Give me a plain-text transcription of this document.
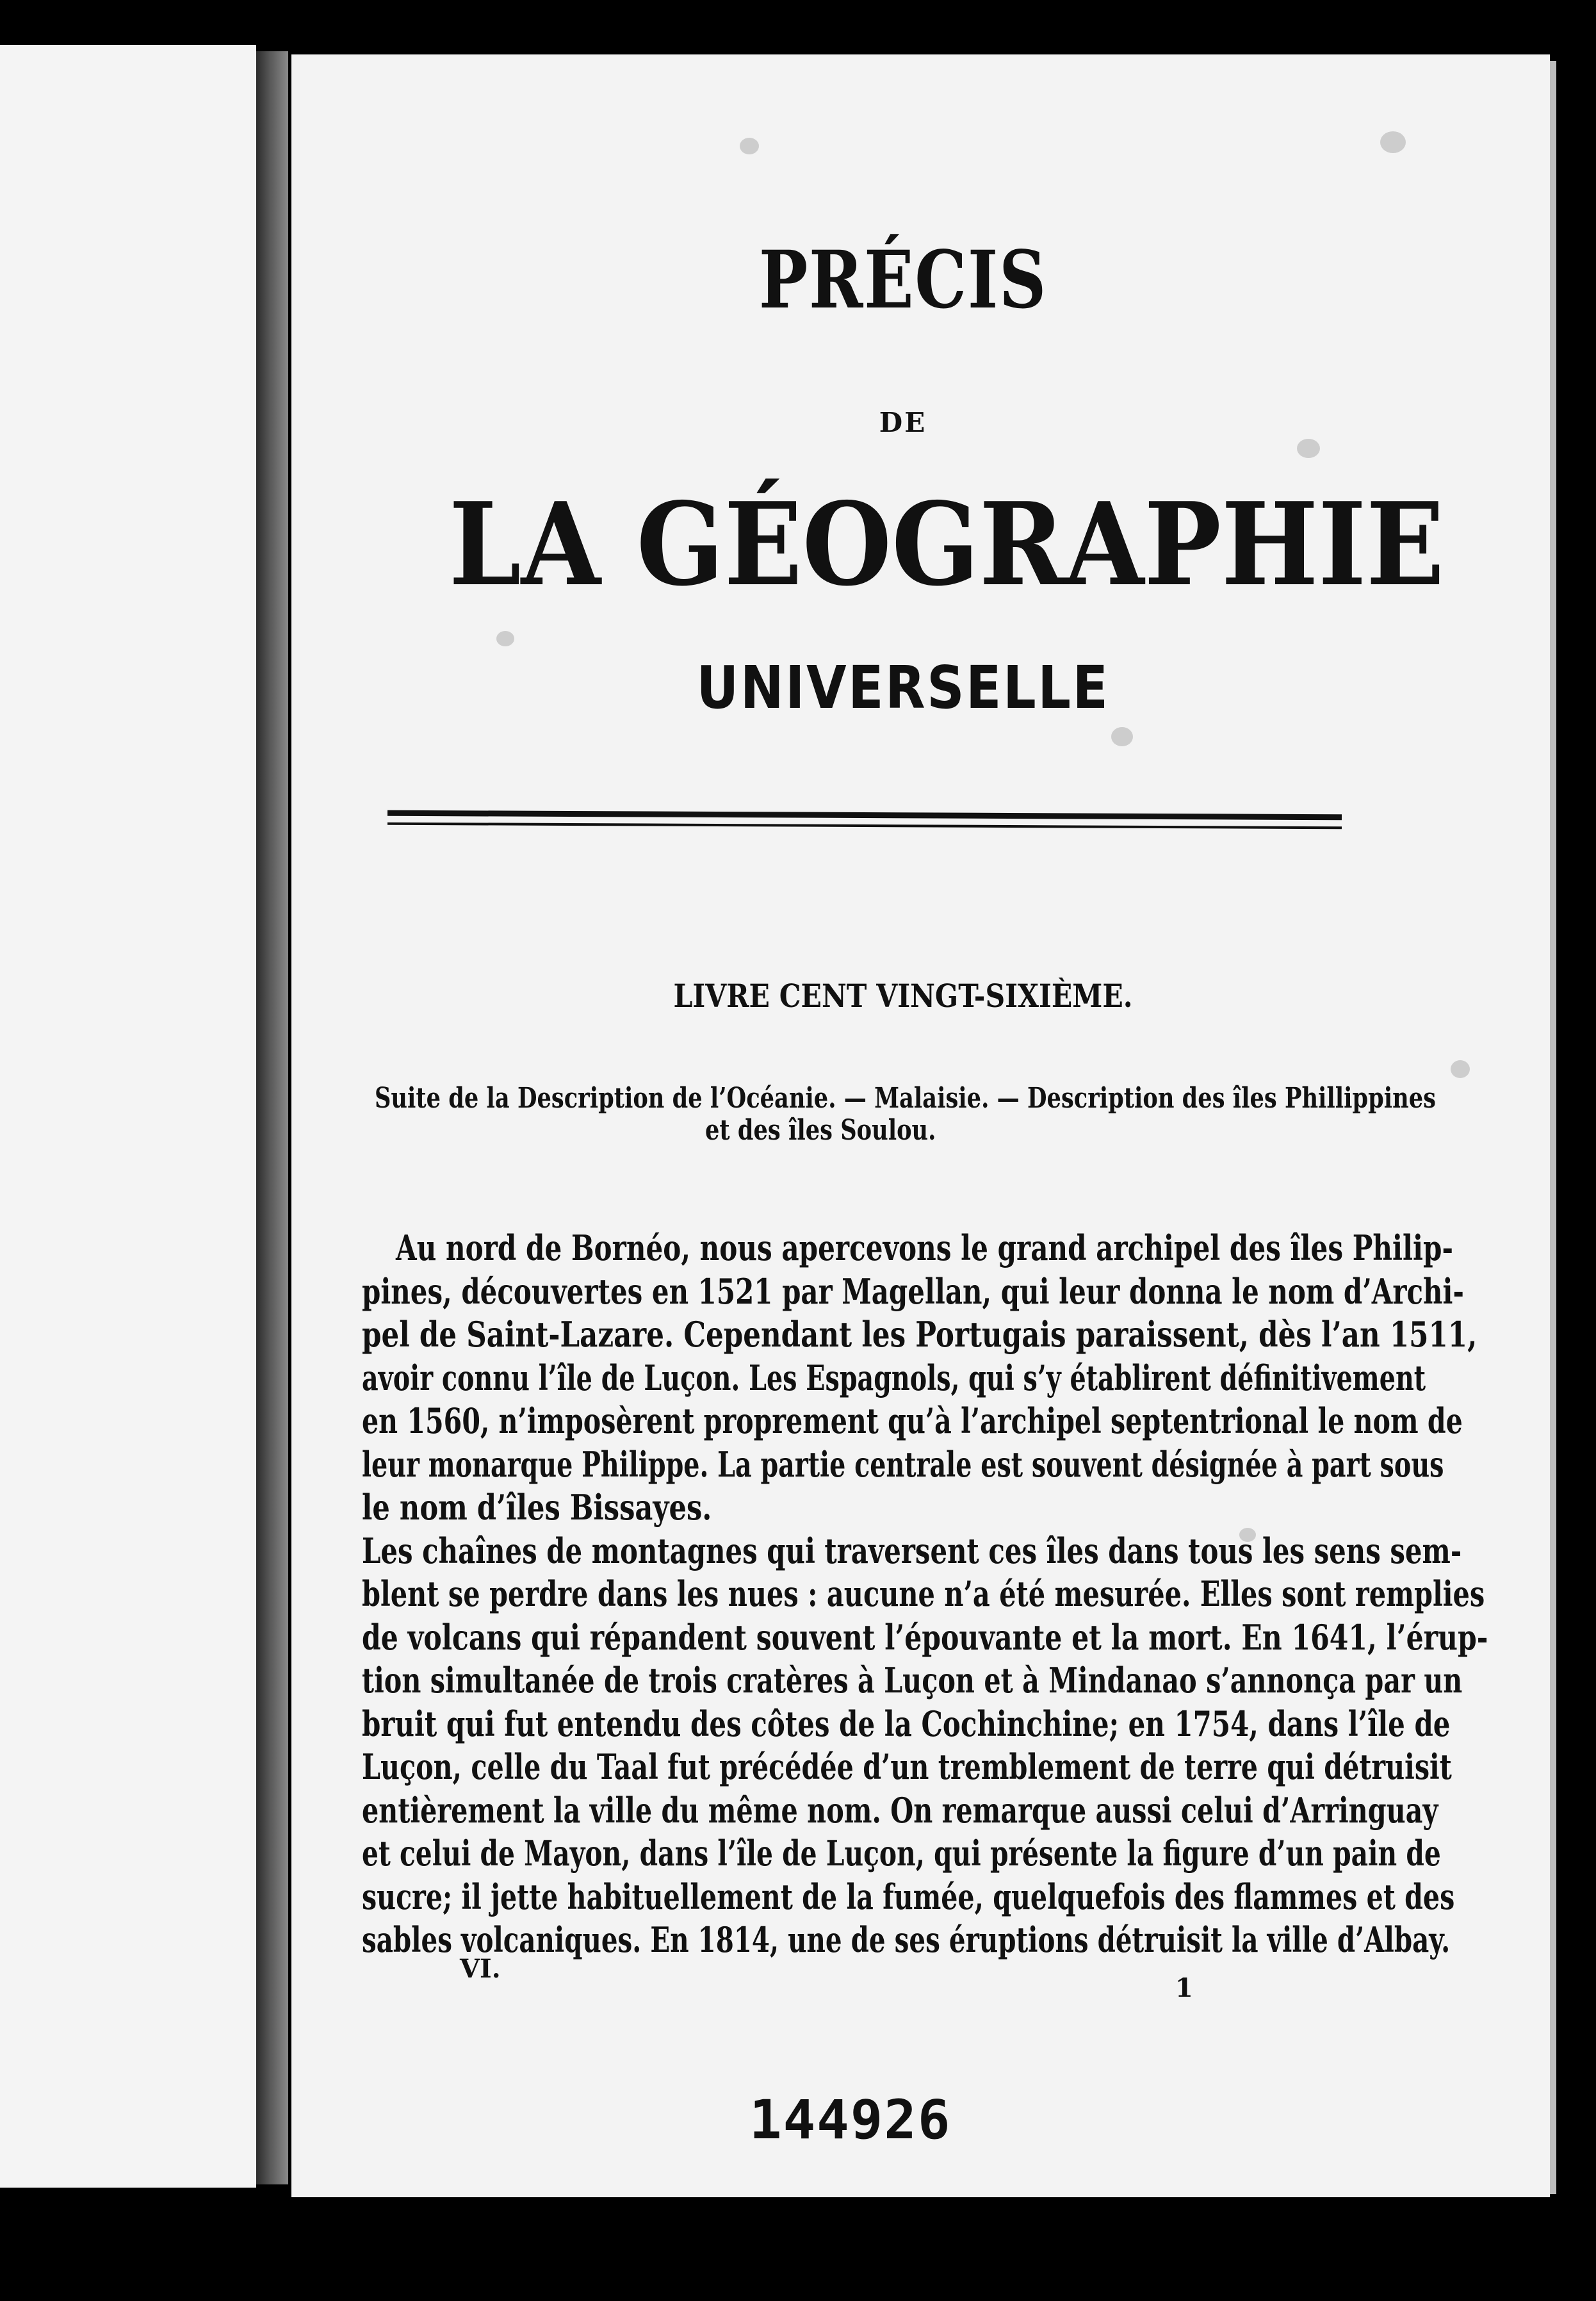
PRÉCIS
DE
LA GÉOGRAPHIE
UNIVERSELLE
LIVRE CENT VINGT-SIXIÈME.
Suite de la Description de l’Océanie. — Malaisie. — Description des îles Phillippines
et des îles Soulou.
Au nord de Bornéo, nous apercevons le grand archipel des îles Philip-
pines, découvertes en 1521 par Magellan, qui leur donna le nom d’Archi-
pel de Saint-Lazare. Cependant les Portugais paraissent, dès l’an 1511,
avoir connu l’île de Luçon. Les Espagnols, qui s’y établirent définitivement
en 1560, n’imposèrent proprement qu’à l’archipel septentrional le nom de
leur monarque Philippe. La partie centrale est souvent désignée à part sous
le nom d’îles Bissayes.
Les chaînes de montagnes qui traversent ces îles dans tous les sens sem-
blent se perdre dans les nues : aucune n’a été mesurée. Elles sont remplies
de volcans qui répandent souvent l’épouvante et la mort. En 1641, l’érup-
tion simultanée de trois cratères à Luçon et à Mindanao s’annonça par un
bruit qui fut entendu des côtes de la Cochinchine; en 1754, dans l’île de
Luçon, celle du Taal fut précédée d’un tremblement de terre qui détruisit
entièrement la ville du même nom. On remarque aussi celui d’Arringuay
et celui de Mayon, dans l’île de Luçon, qui présente la figure d’un pain de
sucre; il jette habituellement de la fumée, quelquefois des flammes et des
sables volcaniques. En 1814, une de ses éruptions détruisit la ville d’Albay.
VI.
1
144926
